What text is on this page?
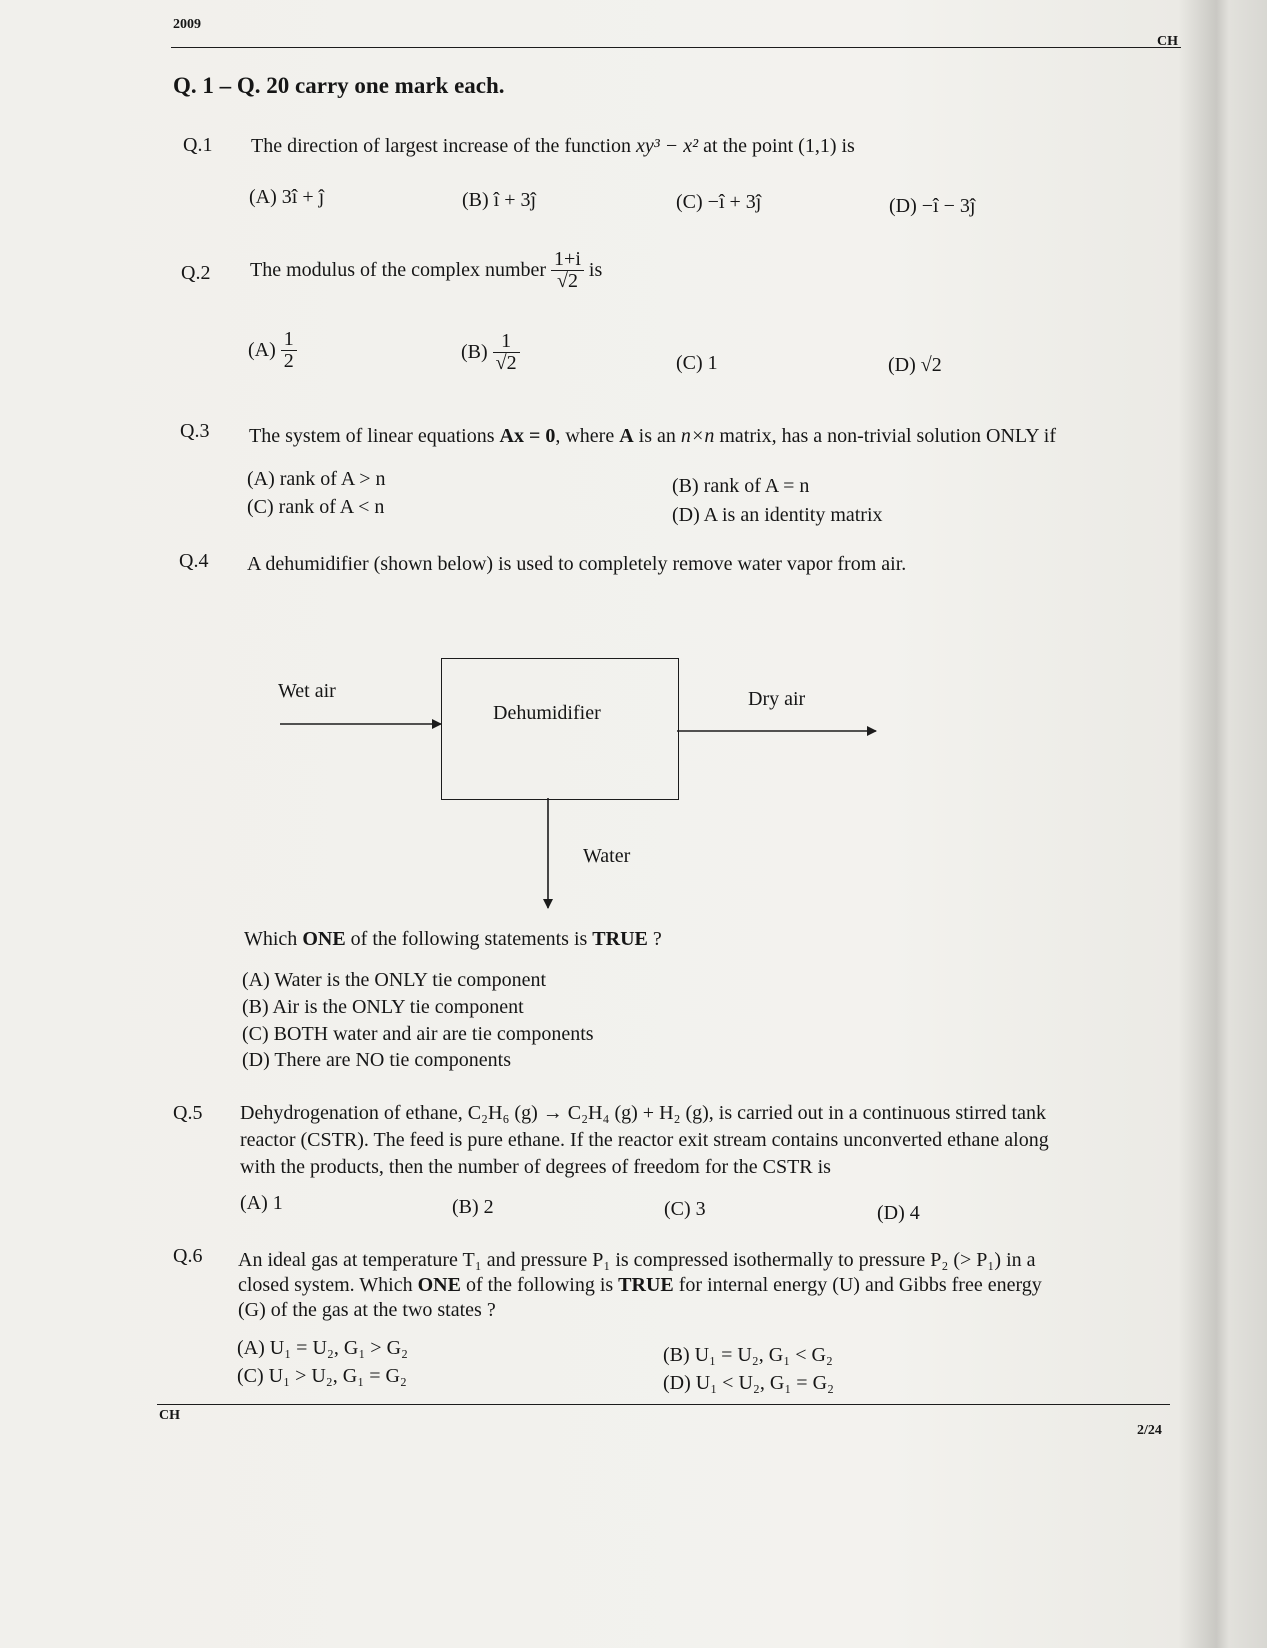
2009
CH
Q. 1 – Q. 20 carry one mark each.
Q.1 The direction of largest increase of the function xy³ − x² at the point (1,1) is
(A) 3î + ĵ	(B) î + 3ĵ	(C) −î + 3ĵ	(D) −î − 3ĵ
Q.2 The modulus of the complex number $\frac{1+i}{√2}$ is
$(A) \frac{1}{2}$	$(B) \frac{1}{√2}$	(C) 1	(D) √2
Q.3 The system of linear equations Ax = 0, where A is an n×n matrix, has a non-trivial solution ONLY if
(A) rank of A > n	(B) rank of A = n
(C) rank of A < n	(D) A is an identity matrix
Q.4 A dehumidifier (shown below) is used to completely remove water vapor from air.
Dehumidifier
Wet air	Dry air
Water
Which ONE of the following statements is TRUE ?
(A) Water is the ONLY tie component
(B) Air is the ONLY tie component
(C) BOTH water and air are tie components
(D) There are NO tie components
Q.5 Dehydrogenation of ethane, C₂H₆ (g) → C₂H₄ (g) + H₂ (g), is carried out in a continuous stirred tank
reactor (CSTR). The feed is pure ethane. If the reactor exit stream contains unconverted ethane along
with the products, then the number of degrees of freedom for the CSTR is
(A) 1	(B) 2	(C) 3	(D) 4
Q.6 An ideal gas at temperature T₁ and pressure P₁ is compressed isothermally to pressure P₂ (> P₁) in a
closed system. Which ONE of the following is TRUE for internal energy (U) and Gibbs free energy
(G) of the gas at the two states ?
(A) U₁ = U₂, G₁ > G₂	(B) U₁ = U₂, G₁ < G₂
(C) U₁ > U₂, G₁ = G₂	(D) U₁ < U₂, G₁ = G₂
CH
2/24
